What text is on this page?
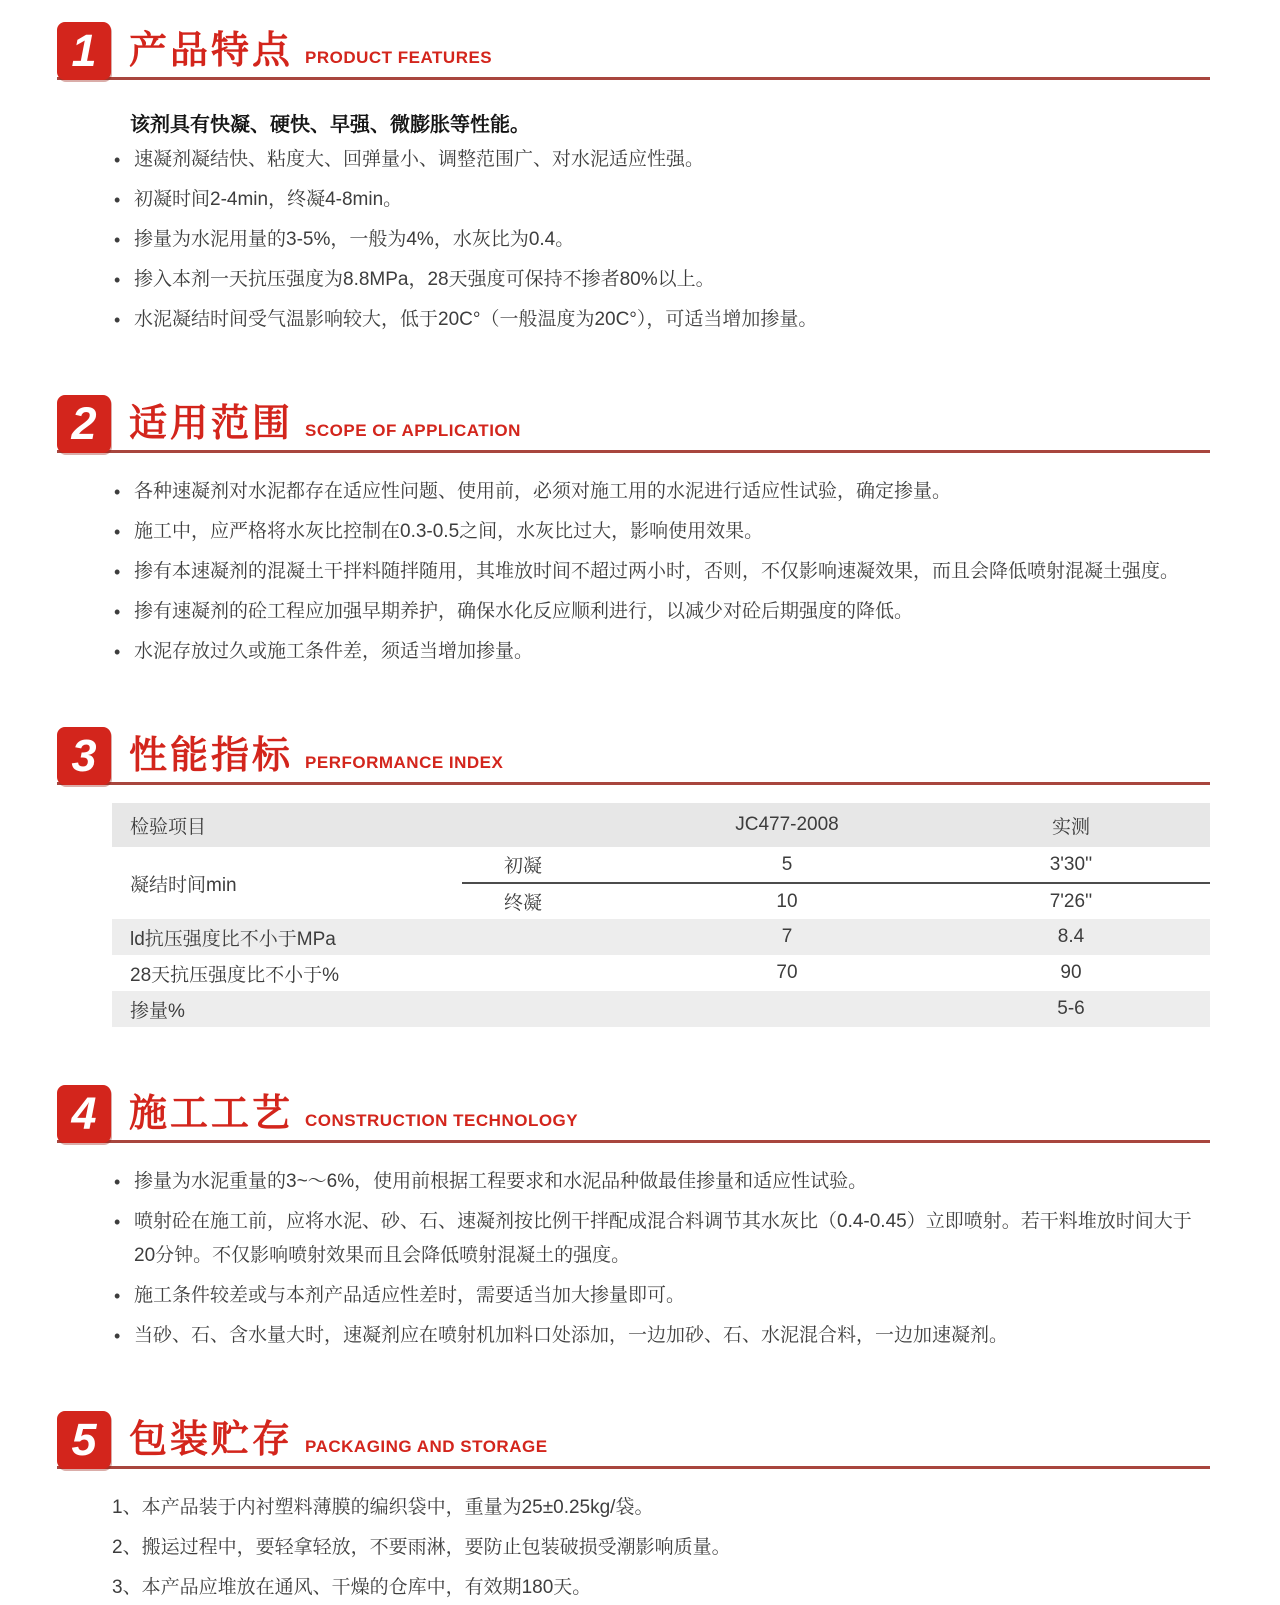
1 产品特点 PRODUCT FEATURES
该剂具有快凝、硬快、早强、微膨胀等性能。
• 速凝剂凝结快、粘度大、回弹量小、调整范围广、对水泥适应性强。
• 初凝时间2-4min，终凝4-8min。
• 掺量为水泥用量的3-5%，一般为4%，水灰比为0.4。
• 掺入本剂一天抗压强度为8.8MPa，28天强度可保持不掺者80%以上。
• 水泥凝结时间受气温影响较大，低于20C°（一般温度为20C°），可适当增加掺量。
2 适用范围 SCOPE OF APPLICATION
• 各种速凝剂对水泥都存在适应性问题、使用前，必须对施工用的水泥进行适应性试验，确定掺量。
• 施工中，应严格将水灰比控制在0.3-0.5之间，水灰比过大，影响使用效果。
• 掺有本速凝剂的混凝土干拌料随拌随用，其堆放时间不超过两小时，否则，不仅影响速凝效果，而且会降低喷射混凝土强度。
• 掺有速凝剂的砼工程应加强早期养护，确保水化反应顺利进行，以减少对砼后期强度的降低。
• 水泥存放过久或施工条件差，须适当增加掺量。
3 性能指标 PERFORMANCE INDEX
检验项目		JC477-2008	实测
凝结时间min	初凝	5	3'30''
	终凝	10	7'26''
ld抗压强度比不小于MPa		7	8.4
28天抗压强度比不小于%		70	90
掺量%			5-6
4 施工工艺 CONSTRUCTION TECHNOLOGY
• 掺量为水泥重量的3~～6%，使用前根据工程要求和水泥品种做最佳掺量和适应性试验。
• 喷射砼在施工前，应将水泥、砂、石、速凝剂按比例干拌配成混合料调节其水灰比（0.4-0.45）立即喷射。若干料堆放时间大于20分钟。不仅影响喷射效果而且会降低喷射混凝土的强度。
• 施工条件较差或与本剂产品适应性差时，需要适当加大掺量即可。
• 当砂、石、含水量大时，速凝剂应在喷射机加料口处添加，一边加砂、石、水泥混合料，一边加速凝剂。
5 包装贮存 PACKAGING AND STORAGE
1、本产品装于内衬塑料薄膜的编织袋中，重量为25±0.25kg/袋。
2、搬运过程中，要轻拿轻放，不要雨淋，要防止包装破损受潮影响质量。
3、本产品应堆放在通风、干燥的仓库中，有效期180天。
